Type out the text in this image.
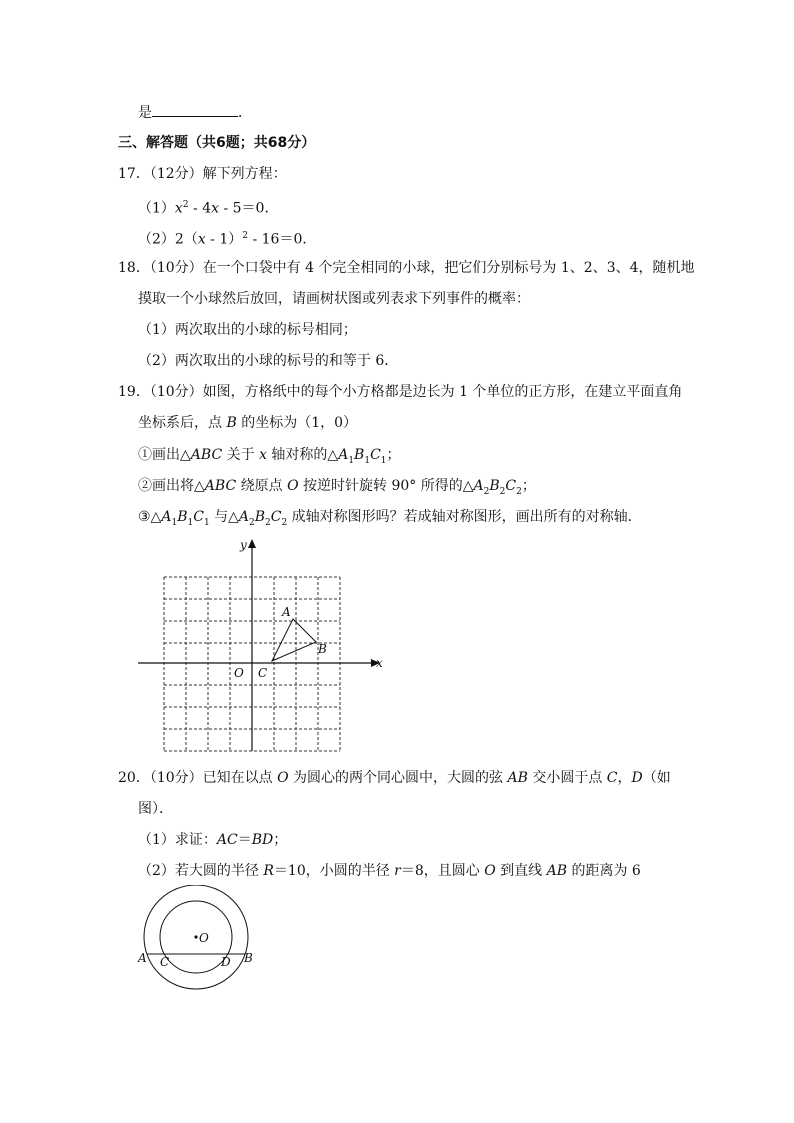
是	．
三、解答题（共6题；共68分）
17．（12分）解下列方程：
$(1)x^2 - 4x - 5=0$．
（2）2（x - 1）$^2$ - 16＝0．
18．（10分）在一个口袋中有 4 个完全相同的小球，把它们分别标号为 1、2、3、4，随机地
摸取一个小球然后放回，请画树状图或列表求下列事件的概率：
（1）两次取出的小球的标号相同；
（2）两次取出的小球的标号的和等于 6．
19．（10分）如图，方格纸中的每个小方格都是边长为 1 个单位的正方形，在建立平面直角
坐标系后，点 B 的坐标为（1，0）
①画出△ABC 关于 x 轴对称的$\triangle A_1B_1C_1$；
②画出将△ABC 绕原点 O 按逆时针旋转 90° 所得的$\triangle A_2B_2C_2$；
$③\triangle A_1B_1C_1$ 与$\triangle A_2B_2C_2$ 成轴对称图形吗？若成轴对称图形，画出所有的对称轴．
y
x
O
A
B
C
20．（10分）已知在以点 O 为圆心的两个同心圆中，大圆的弦 AB 交小圆于点 C，D（如
图）．
（1）求证：AC＝BD；
（2）若大圆的半径 R＝10，小圆的半径 r＝8，且圆心 O 到直线 AB 的距离为 6
O
A C	D B
